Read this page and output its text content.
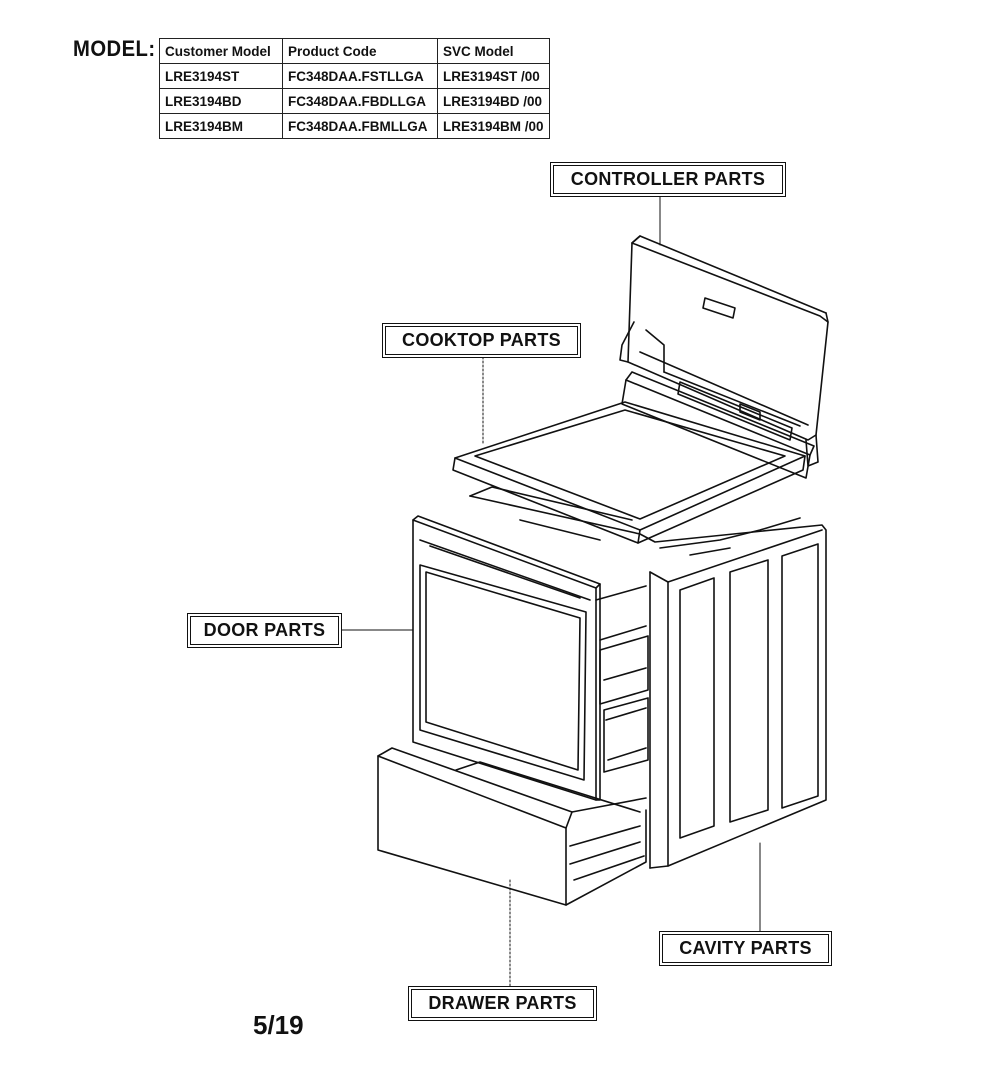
MODEL: Customer Model	Product Code	SVC Model
LRE3194ST	FC348DAA.FSTLLGA	LRE3194ST /00
LRE3194BD	FC348DAA.FBDLLGA	LRE3194BD /00
LRE3194BM	FC348DAA.FBMLLGA	LRE3194BM /00
CONTROLLER PARTS
COOKTOP PARTS
DOOR PARTS
CAVITY PARTS
DRAWER PARTS
5/19
